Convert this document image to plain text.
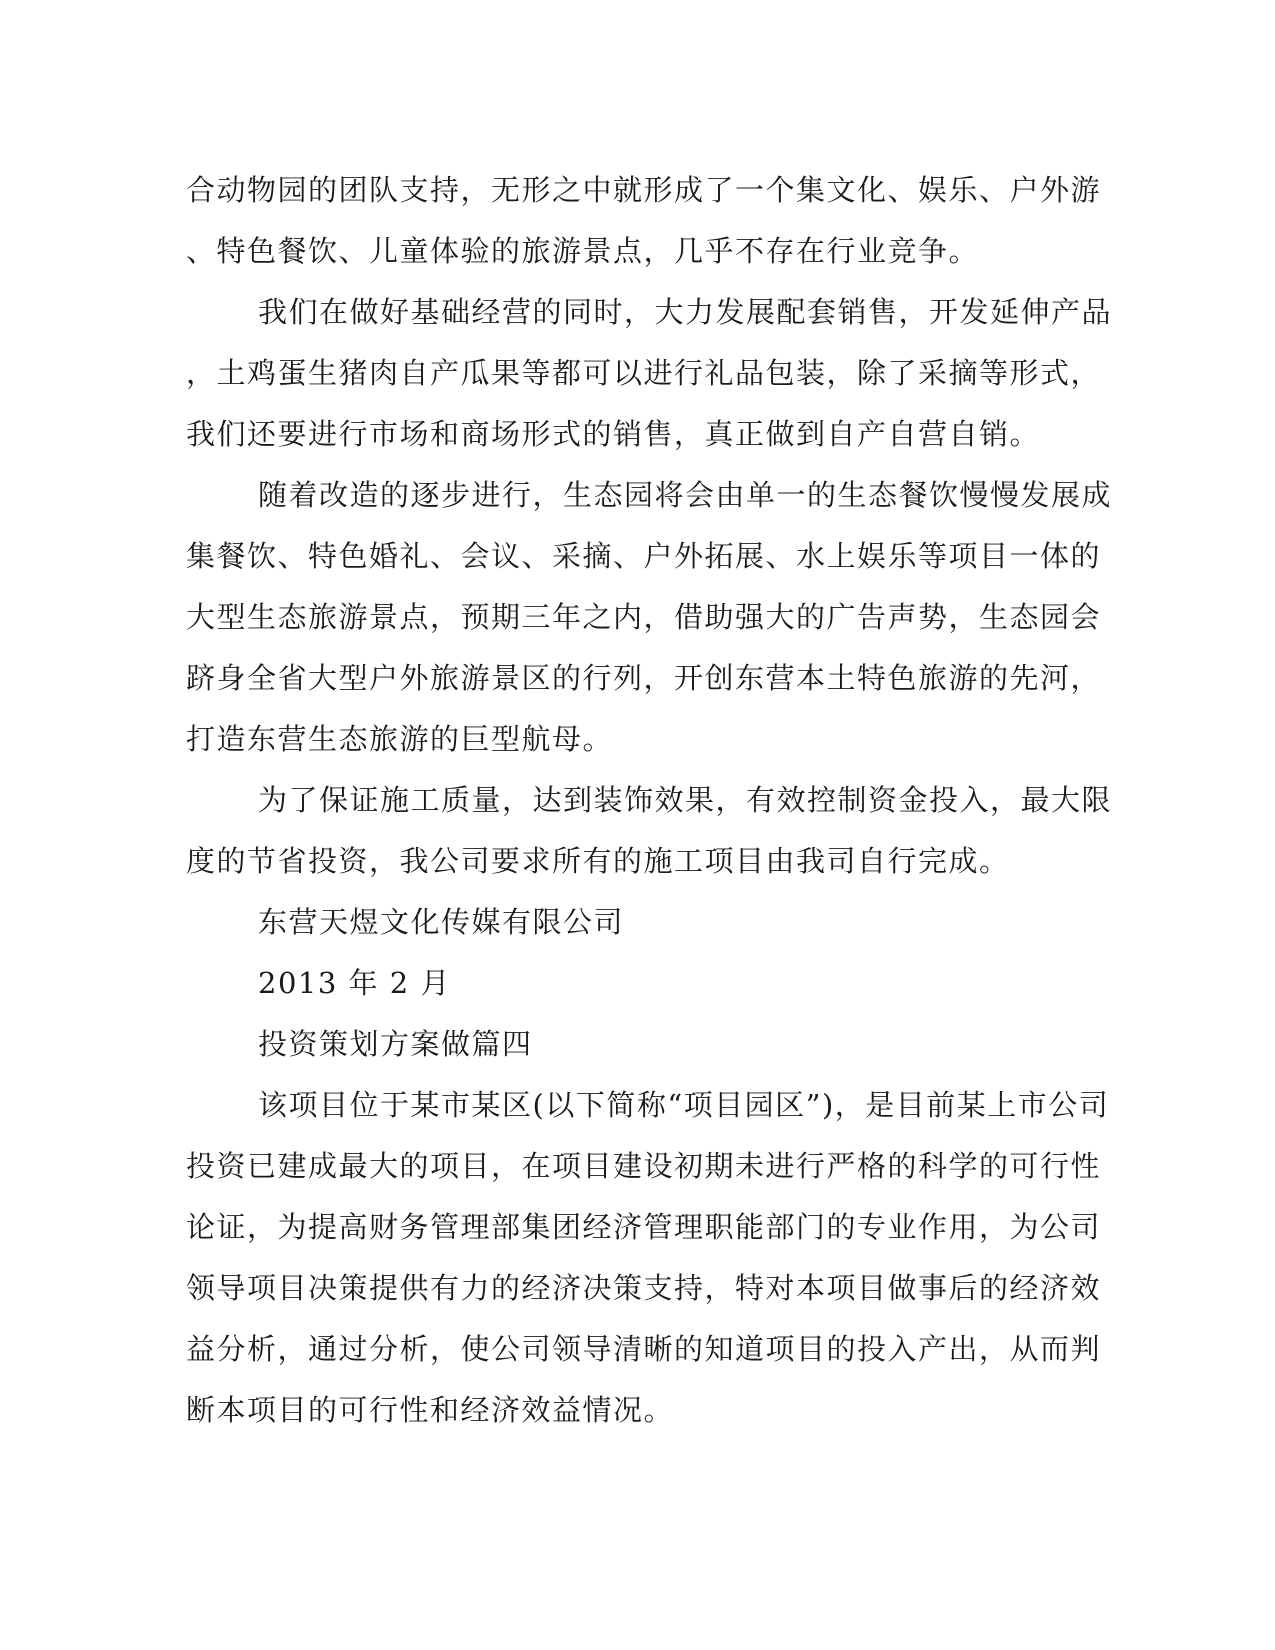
合动物园的团队支持，无形之中就形成了一个集文化、娱乐、户外游
、特色餐饮、儿童体验的旅游景点，几乎不存在行业竞争。
我们在做好基础经营的同时，大力发展配套销售，开发延伸产品
，土鸡蛋生猪肉自产瓜果等都可以进行礼品包装，除了采摘等形式，
我们还要进行市场和商场形式的销售，真正做到自产自营自销。
随着改造的逐步进行，生态园将会由单一的生态餐饮慢慢发展成
集餐饮、特色婚礼、会议、采摘、户外拓展、水上娱乐等项目一体的
大型生态旅游景点，预期三年之内，借助强大的广告声势，生态园会
跻身全省大型户外旅游景区的行列，开创东营本土特色旅游的先河，
打造东营生态旅游的巨型航母。
为了保证施工质量，达到装饰效果，有效控制资金投入，最大限
度的节省投资，我公司要求所有的施工项目由我司自行完成。
东营天煜文化传媒有限公司
2013 年 2 月
投资策划方案做篇四
该项目位于某市某区(以下简称“项目园区”)，是目前某上市公司
投资已建成最大的项目，在项目建设初期未进行严格的科学的可行性
论证，为提高财务管理部集团经济管理职能部门的专业作用，为公司
领导项目决策提供有力的经济决策支持，特对本项目做事后的经济效
益分析，通过分析，使公司领导清晰的知道项目的投入产出，从而判
断本项目的可行性和经济效益情况。
